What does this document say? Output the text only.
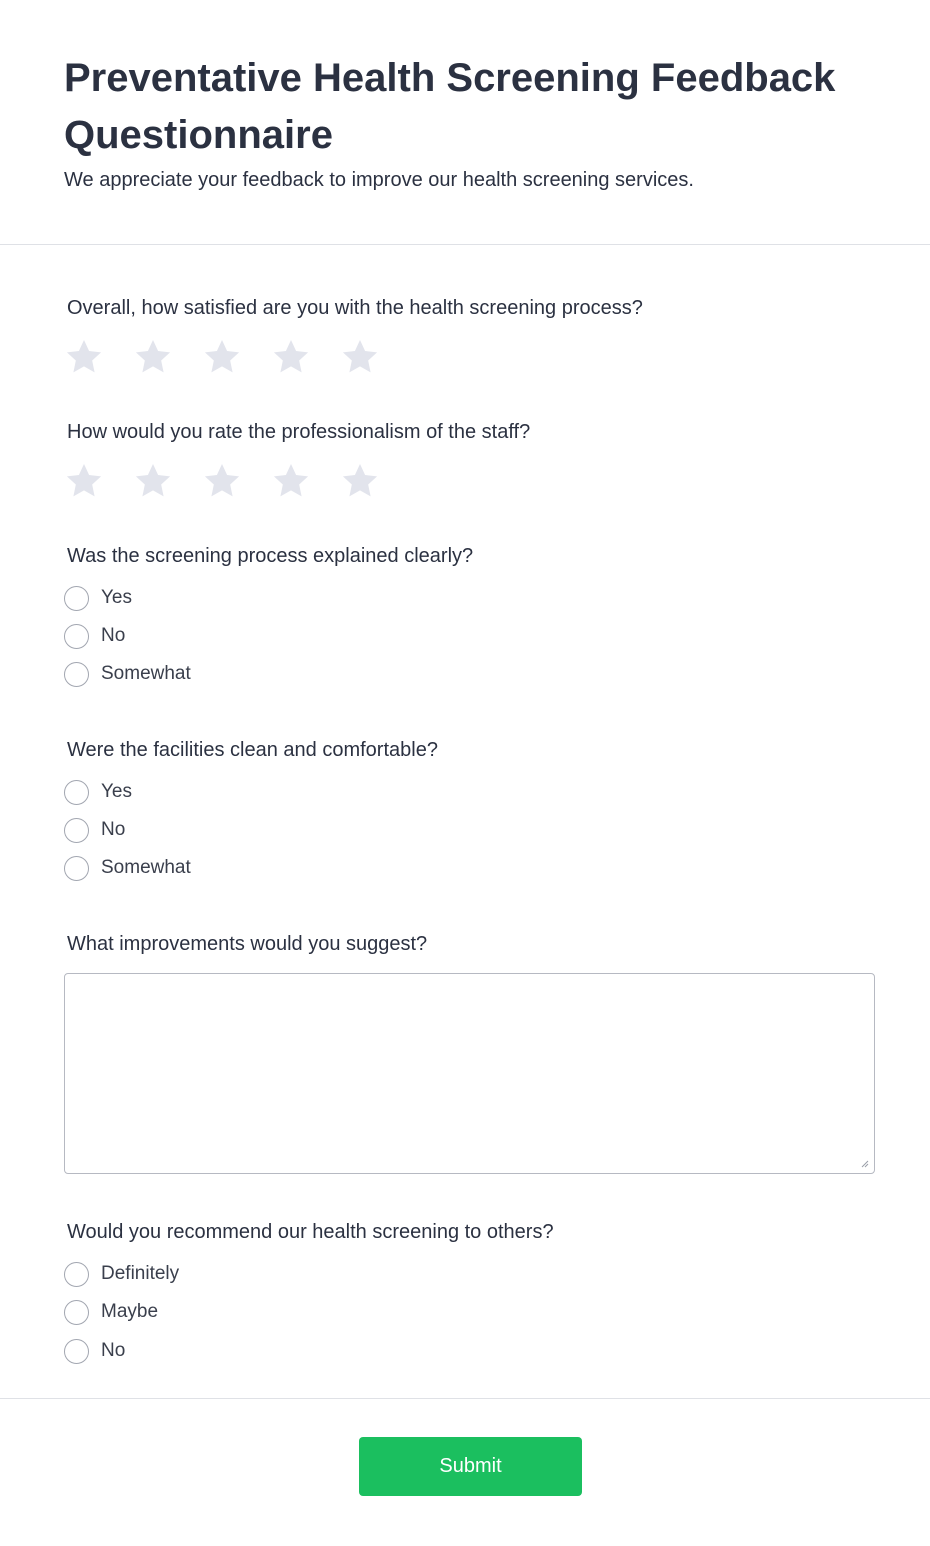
Preventative Health Screening Feedback Questionnaire

We appreciate your feedback to improve our health screening services.

Overall, how satisfied are you with the health screening process?
How would you rate the professionalism of the staff?
Was the screening process explained clearly?
Yes
No
Somewhat
Were the facilities clean and comfortable?
Yes
No
Somewhat
What improvements would you suggest?
Would you recommend our health screening to others?
Definitely
Maybe
No
Submit
